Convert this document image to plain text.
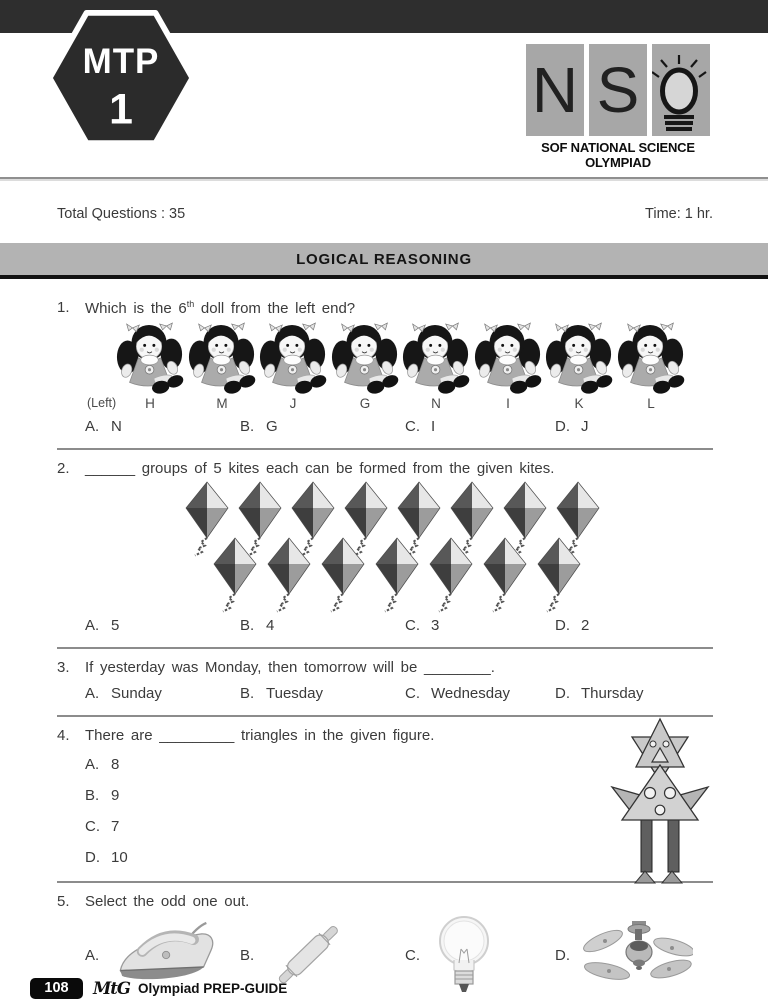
MTP
1	N S
SOF NATIONAL SCIENCE
OLYMPIAD
Total Questions : 35	Time: 1 hr.
LOGICAL REASONING
1.	Which is the 6th doll from the left end?
(Left)	H	M	J	G	N	I	K	L
A. N	B. G	C. I	D. J
2.	______ groups of 5 kites each can be formed from the given kites.
A. 5	B. 4	C. 3	D. 2
3.	If yesterday was Monday, then tomorrow will be ________.
A. Sunday	B. Tuesday	C. Wednesday	D. Thursday
4.	There are _________ triangles in the given figure.
A. 8
B. 9
C. 7
D. 10
5.	Select the odd one out.
A.	B.	C.	D.
108 MtG Olympiad PREP-GUIDE
